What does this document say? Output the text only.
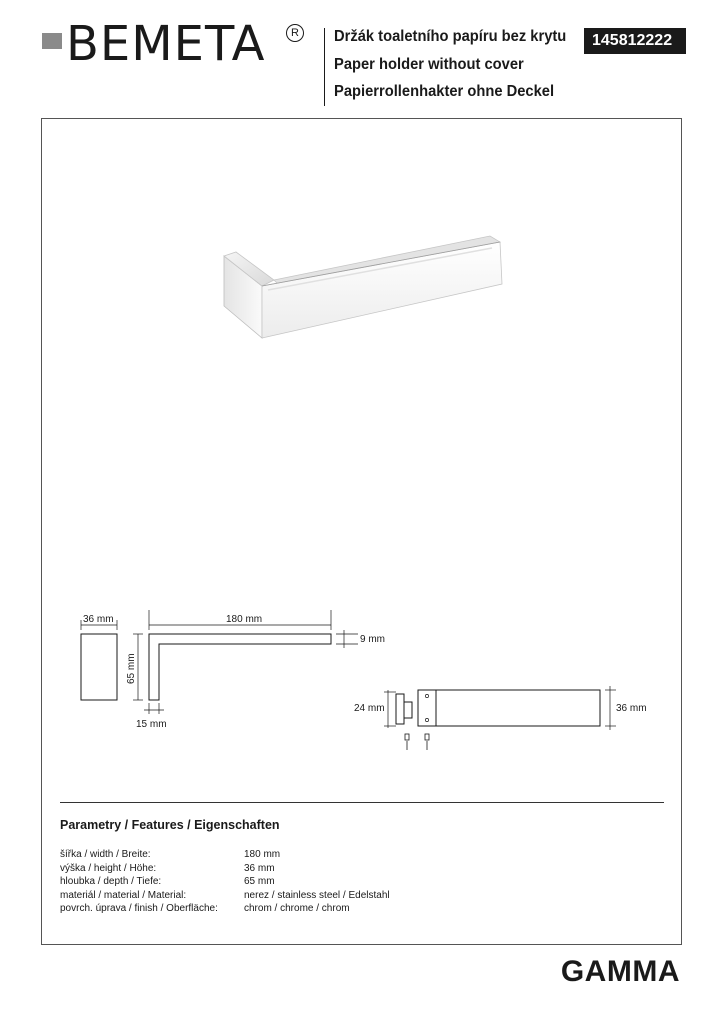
BEMETA	R	Držák toaletního papíru bez krytu
Paper holder without cover
Papierrollenhakter ohne Deckel
145812222
36 mm	180 mm
9 mm
65 mm
15 mm
24 mm	36 mm
Parametry / Features / Eigenschaften
šířka / width / Breite:	180 mm
výška / height / Höhe:	36 mm
hloubka / depth / Tiefe:	65 mm
materiál / material / Material:	nerez / stainless steel / Edelstahl
povrch. úprava / finish / Oberfläche:	chrom / chrome / chrom
GAMMA
